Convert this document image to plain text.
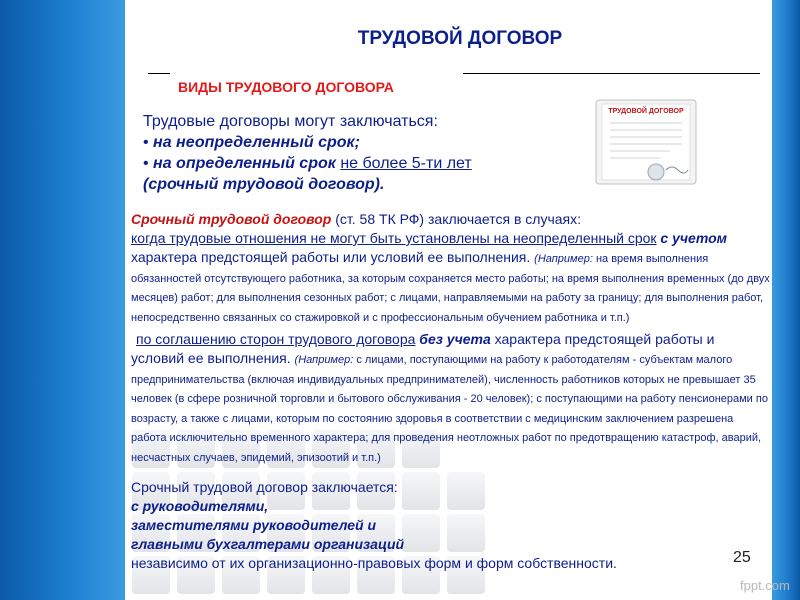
ТРУДОВОЙ ДОГОВОР
ВИДЫ ТРУДОВОГО ДОГОВОРА
Трудовые договоры могут заключаться:
• на неопределенный срок;
• на определенный срок не более 5-ти лет
(срочный трудовой договор).
ТРУДОВОЙ ДОГОВОР
Срочный трудовой договор (ст. 58 ТК РФ) заключается в случаях:
когда трудовые отношения не могут быть установлены на неопределенный срок с учетом характера предстоящей работы или условий ее выполнения. (Например: на время выполнения обязанностей отсутствующего работника, за которым сохраняется место работы; на время выполнения временных (до двух месяцев) работ; для выполнения сезонных работ; с лицами, направляемыми на работу за границу; для выполнения работ, непосредственно связанных со стажировкой и с профессиональным обучением работника и т.п.)
по соглашению сторон трудового договора без учета характера предстоящей работы и условий ее выполнения. (Например: с лицами, поступающими на работу к работодателям - субъектам малого предпринимательства (включая индивидуальных предпринимателей), численность работников которых не превышает 35 человек (в сфере розничной торговли и бытового обслуживания - 20 человек); с поступающими на работу пенсионерами по возрасту, а также с лицами, которым по состоянию здоровья в соответствии с медицинским заключением разрешена работа исключительно временного характера; для проведения неотложных работ по предотвращению катастроф, аварий, несчастных случаев, эпидемий, эпизоотий и т.п.)
Срочный трудовой договор заключается:
с руководителями,
заместителями руководителей и
главными бухгалтерами организаций
независимо от их организационно-правовых форм и форм собственности.	25
fppt.com
